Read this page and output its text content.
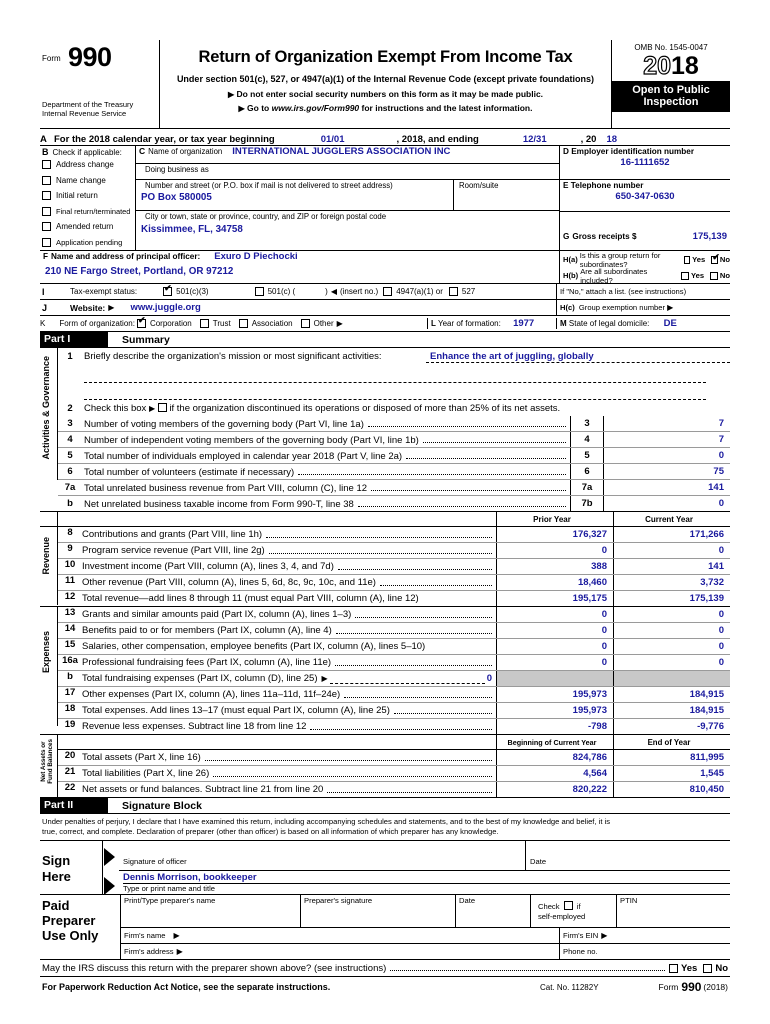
Form 990
Department of the Treasury
Internal Revenue Service
Return of Organization Exempt From Income Tax
Under section 501(c), 527, or 4947(a)(1) of the Internal Revenue Code (except private foundations)
▶ Do not enter social security numbers on this form as it may be made public.
▶ Go to www.irs.gov/Form990 for instructions and the latest information.
OMB No. 1545-0047
2018
Open to Public
Inspection
A For the 2018 calendar year, or tax year beginning	01/01	, 2018, and ending	12/31	, 20 18
B Check if applicable:
Address change
Name change
Initial return
Final return/terminated
Amended return
Application pending
C Name of organization	INTERNATIONAL JUGGLERS ASSOCIATION INC
Doing business as
Number and street (or P.O. box if mail is not delivered to street address)
PO Box 580005
Room/suite
City or town, state or province, country, and ZIP or foreign postal code
Kissimmee, FL, 34758
D Employer identification number
16-1111652
E Telephone number
650-347-0630
G Gross receipts $	175,139
F Name and address of principal officer:	Exuro D Piechocki
210 NE Fargo Street, Portland, OR 97212
H(a) Is this a group return for subordinates?	Yes ✔ No
H(b) Are all subordinates included?	Yes No
I	Tax-exempt status: ✔	501(c)(3)	501(c) (	) ◀ (insert no.)	4947(a)(1) or	527	If "No," attach a list. (see instructions)
J	Website: ▶	www.juggle.org	H(c) Group exemption number ▶
K	Form of organization: ✔	Corporation	Trust	Association	Other ▶	L Year of formation: 1977	M State of legal domicile: DE
Part I	Summary
Activities & Governance	1	Briefly describe the organization's mission or most significant activities:	Enhance the art of juggling, globally
2	Check this box ▶ if the organization discontinued its operations or disposed of more than 25% of its net assets.
3	Number of voting members of the governing body (Part VI, line 1a)	3	7
4	Number of independent voting members of the governing body (Part VI, line 1b)	4	7
5	Total number of individuals employed in calendar year 2018 (Part V, line 2a)	5	0
6	Total number of volunteers (estimate if necessary)	6	75
7a Total unrelated business revenue from Part VIII, column (C), line 12	7a	141
b	Net unrelated business taxable income from Form 990-T, line 38	7b	0
Prior Year	Current Year
Revenue
8 Contributions and grants (Part VIII, line 1h)	176,327	171,266
9 Program service revenue (Part VIII, line 2g)	0	0
10 Investment income (Part VIII, column (A), lines 3, 4, and 7d)	388	141
11 Other revenue (Part VIII, column (A), lines 5, 6d, 8c, 9c, 10c, and 11e)	18,460	3,732
12 Total revenue—add lines 8 through 11 (must equal Part VIII, column (A), line 12)	195,175	175,139
Expenses
13 Grants and similar amounts paid (Part IX, column (A), lines 1–3)	0	0
14 Benefits paid to or for members (Part IX, column (A), line 4)	0	0
15 Salaries, other compensation, employee benefits (Part IX, column (A), lines 5–10)	0	0
16a Professional fundraising fees (Part IX, column (A), line 11e)	0	0
b Total fundraising expenses (Part IX, column (D), line 25) ▶	0
17 Other expenses (Part IX, column (A), lines 11a–11d, 11f–24e)	195,973	184,915
18 Total expenses. Add lines 13–17 (must equal Part IX, column (A), line 25)	195,973	184,915
19 Revenue less expenses. Subtract line 18 from line 12	-798	-9,776
Net Assets or
Fund Balances	Beginning of Current Year	End of Year
20 Total assets (Part X, line 16)	824,786	811,995
21 Total liabilities (Part X, line 26)	4,564	1,545
22 Net assets or fund balances. Subtract line 21 from line 20	820,222	810,450
Part II	Signature Block
Under penalties of perjury, I declare that I have examined this return, including accompanying schedules and statements, and to the best of my knowledge and belief, it is
true, correct, and complete. Declaration of preparer (other than officer) is based on all information of which preparer has any knowledge.
Sign
Here
Signature of officer	Date
Dennis Morrison, bookkeeper
Type or print name and title
Paid
Preparer
Use Only
Print/Type preparer's name	Preparer's signature	Date
Check if
self-employed
PTIN
Firm's name	▶	Firm's EIN ▶
Firm's address ▶	Phone no.
May the IRS discuss this return with the preparer shown above? (see instructions)	Yes	No
For Paperwork Reduction Act Notice, see the separate instructions.	Cat. No. 11282Y	Form 990 (2018)
